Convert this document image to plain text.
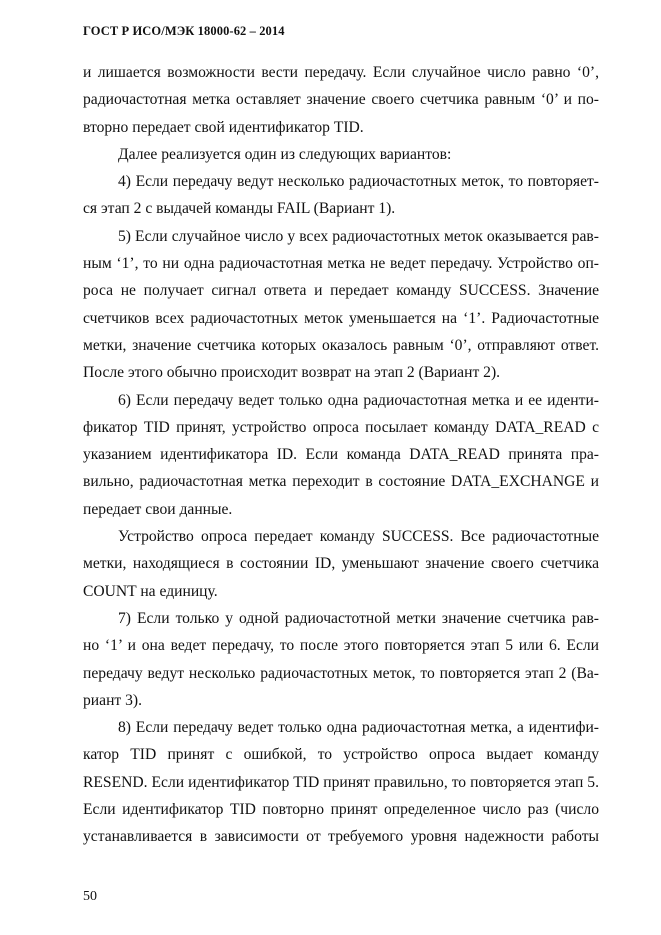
ГОСТ Р ИСО/МЭК 18000-62 – 2014
и лишается возможности вести передачу. Если случайное число равно ‘0’,
радиочастотная метка оставляет значение своего счетчика равным ‘0’ и по-
вторно передает свой идентификатор TID.
Далее реализуется один из следующих вариантов:
4) Если передачу ведут несколько радиочастотных меток, то повторяет-
ся этап 2 с выдачей команды FAIL (Вариант 1).
5) Если случайное число у всех радиочастотных меток оказывается рав-
ным ‘1’, то ни одна радиочастотная метка не ведет передачу. Устройство оп-
роса не получает сигнал ответа и передает команду SUCCESS. Значение
счетчиков всех радиочастотных меток уменьшается на ‘1’. Радиочастотные
метки, значение счетчика которых оказалось равным ‘0’, отправляют ответ.
После этого обычно происходит возврат на этап 2 (Вариант 2).
6) Если передачу ведет только одна радиочастотная метка и ее иденти-
фикатор TID принят, устройство опроса посылает команду DATA_READ с
указанием идентификатора ID. Если команда DATA_READ принята пра-
вильно, радиочастотная метка переходит в состояние DATA_EXCHANGE и
передает свои данные.
Устройство опроса передает команду SUCCESS. Все радиочастотные
метки, находящиеся в состоянии ID, уменьшают значение своего счетчика
COUNT на единицу.
7) Если только у одной радиочастотной метки значение счетчика рав-
но ‘1’ и она ведет передачу, то после этого повторяется этап 5 или 6. Если
передачу ведут несколько радиочастотных меток, то повторяется этап 2 (Ва-
риант 3).
8) Если передачу ведет только одна радиочастотная метка, а идентифи-
катор TID принят с ошибкой, то устройство опроса выдает команду
RESEND. Если идентификатор TID принят правильно, то повторяется этап 5.
Если идентификатор TID повторно принят определенное число раз (число
устанавливается в зависимости от требуемого уровня надежности работы
50
